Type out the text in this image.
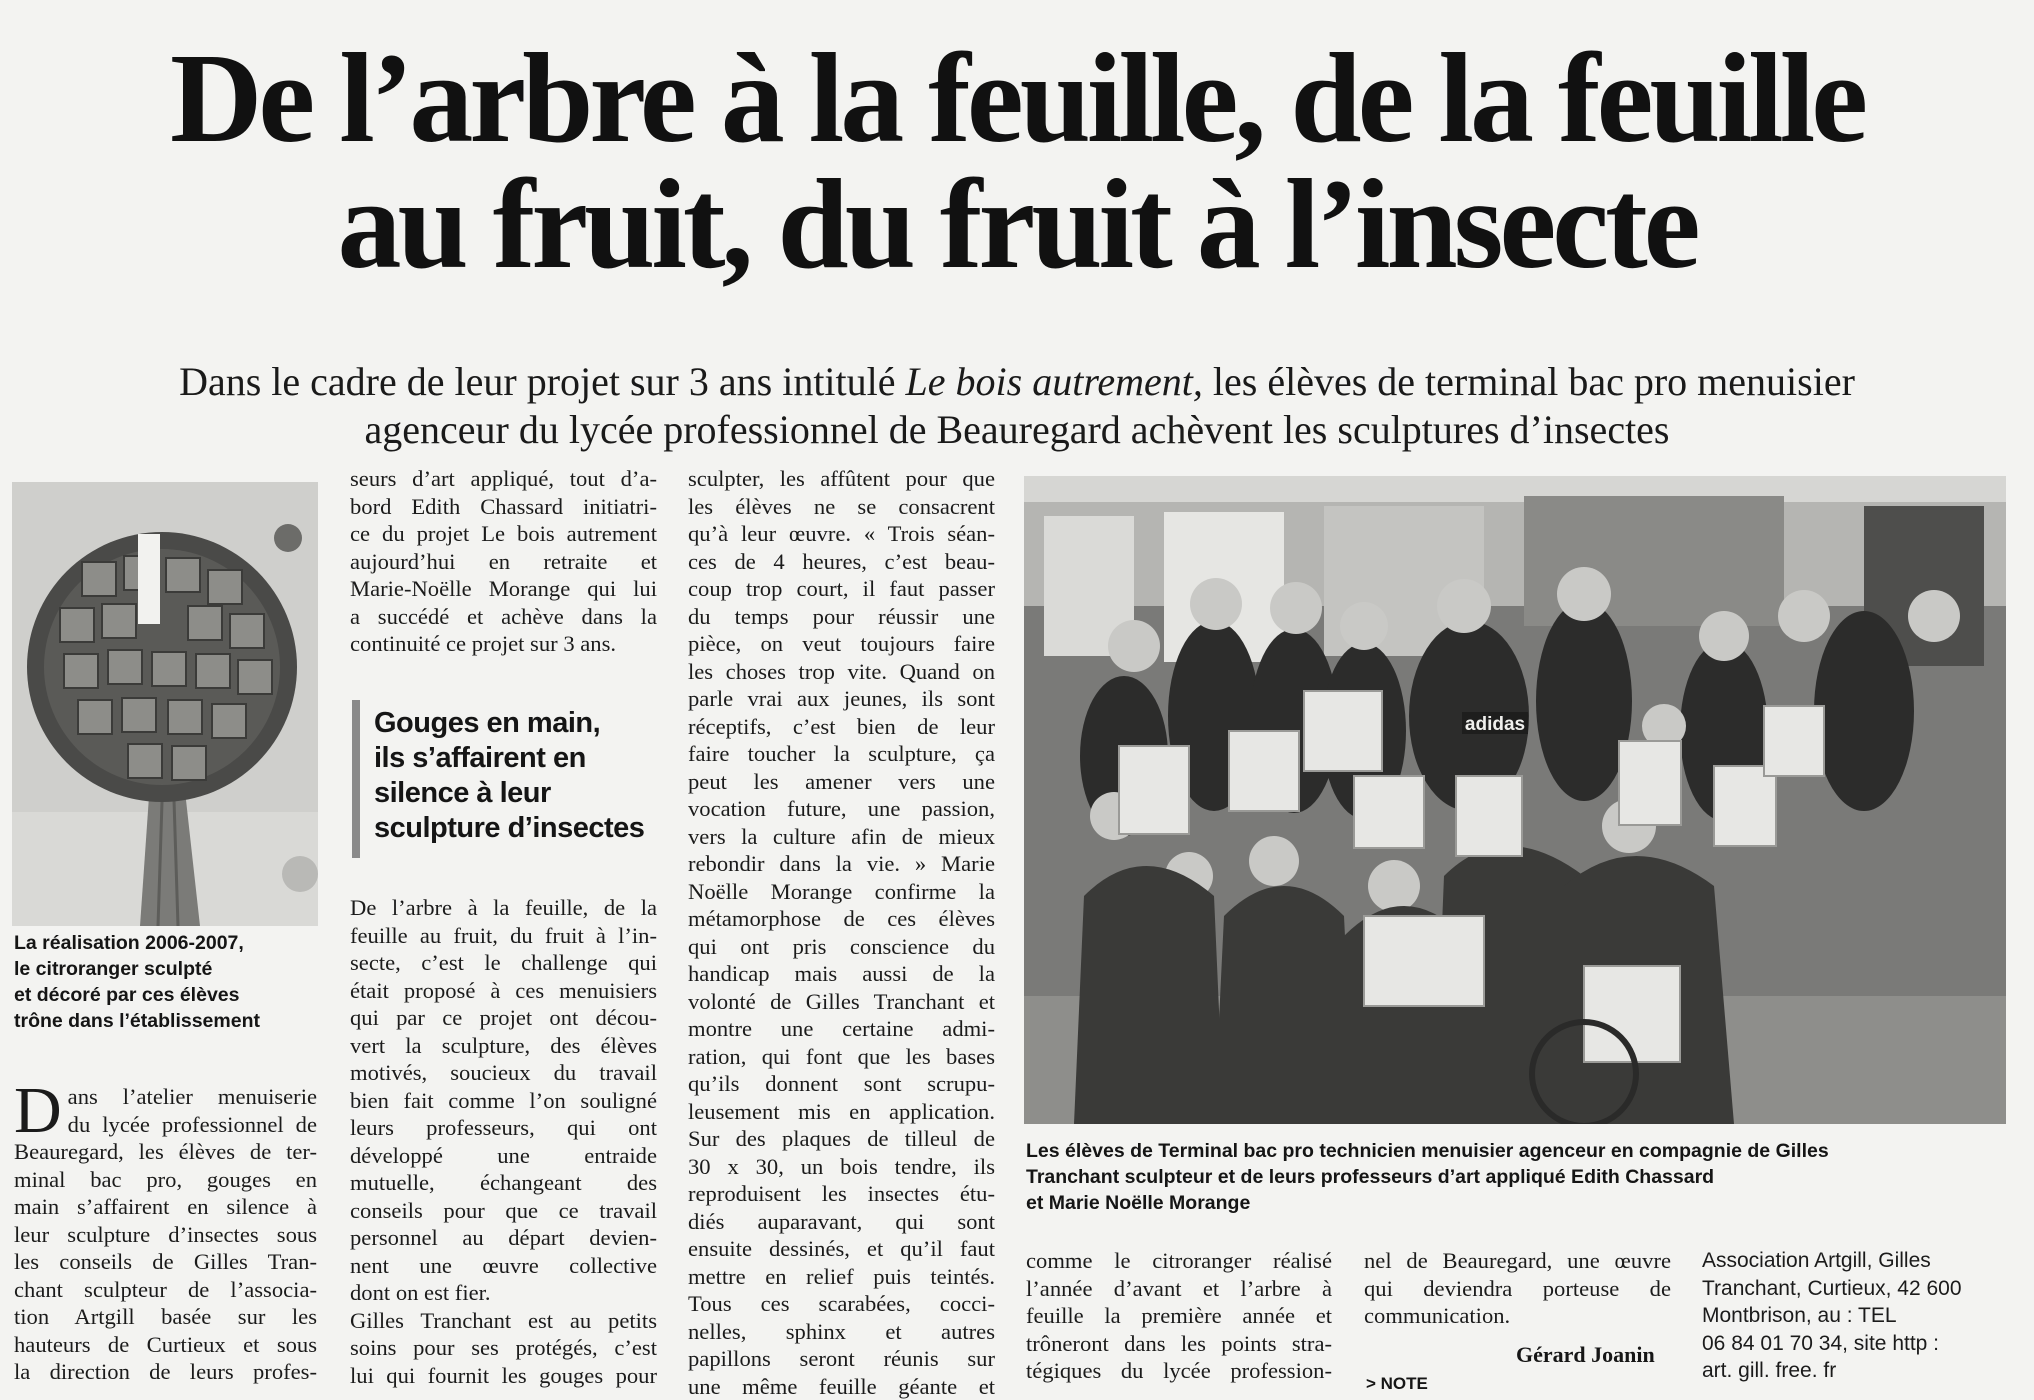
De l’arbre à la feuille, de la feuille
au fruit, du fruit à l’insecte
Dans le cadre de leur projet sur 3 ans intitulé Le bois autrement, les élèves de terminal bac pro menuisier
agenceur du lycée professionnel de Beauregard achèvent les sculptures d’insectes
La réalisation 2006-2007,
le citroranger sculpté
et décoré par ces élèves
trône dans l’établissement
D ans l’atelier menuiserie
du lycée professionnel de
Beauregard, les élèves de ter-
minal bac pro, gouges en
main s’affairent en silence à
leur sculpture d’insectes sous
les conseils de Gilles Tran-
chant sculpteur de l’associa-
tion Artgill basée sur les
hauteurs de Curtieux et sous
la direction de leurs profes-
seurs d’art appliqué, tout d’a-
bord Edith Chassard initiatri-
ce du projet Le bois autrement
aujourd’hui en retraite et
Marie-Noëlle Morange qui lui
a succédé et achève dans la
continuité ce projet sur 3 ans.
Gouges en main,
ils s’affairent en
silence à leur
sculpture d’insectes
De l’arbre à la feuille, de la
feuille au fruit, du fruit à l’in-
secte, c’est le challenge qui
était proposé à ces menuisiers
qui par ce projet ont décou-
vert la sculpture, des élèves
motivés, soucieux du travail
bien fait comme l’on souligné
leurs professeurs, qui ont
développé une entraide
mutuelle, échangeant des
conseils pour que ce travail
personnel au départ devien-
nent une œuvre collective
dont on est fier.
Gilles Tranchant est au petits
soins pour ses protégés, c’est
lui qui fournit les gouges pour
sculpter, les affûtent pour que
les élèves ne se consacrent
qu’à leur œuvre. « Trois séan-
ces de 4 heures, c’est beau-
coup trop court, il faut passer
du temps pour réussir une
pièce, on veut toujours faire
les choses trop vite. Quand on
parle vrai aux jeunes, ils sont
réceptifs, c’est bien de leur
faire toucher la sculpture, ça
peut les amener vers une
vocation future, une passion,
vers la culture afin de mieux
rebondir dans la vie. » Marie
Noëlle Morange confirme la
métamorphose de ces élèves
qui ont pris conscience du
handicap mais aussi de la
volonté de Gilles Tranchant et
montre une certaine admi-
ration, qui font que les bases
qu’ils donnent sont scrupu-
leusement mis en application.
Sur des plaques de tilleul de
30 x 30, un bois tendre, ils
reproduisent les insectes étu-
diés auparavant, qui sont
ensuite dessinés, et qu’il faut
mettre en relief puis teintés.
Tous ces scarabées, cocci-
nelles, sphinx et autres
papillons seront réunis sur
une même feuille géante et
adidas
Les élèves de Terminal bac pro technicien menuisier agenceur en compagnie de Gilles
Tranchant sculpteur et de leurs professeurs d’art appliqué Edith Chassard
et Marie Noëlle Morange
comme le citroranger réalisé
l’année d’avant et l’arbre à
feuille la première année et
trôneront dans les points stra-
tégiques du lycée profession-
nel de Beauregard, une œuvre
qui deviendra porteuse de
communication.
Gérard Joanin
> NOTE
Association Artgill, Gilles
Tranchant, Curtieux, 42 600
Montbrison, au : TEL
06 84 01 70 34, site http :
art. gill. free. fr
